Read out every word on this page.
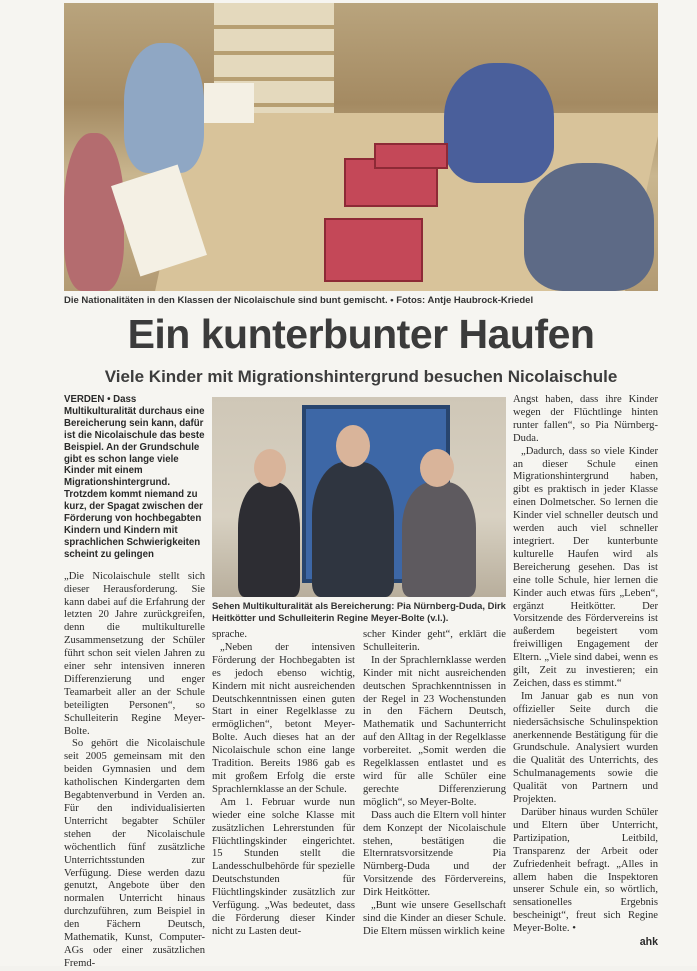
Die Nationalitäten in den Klassen der Nicolaischule sind bunt gemischt. • Fotos: Antje Haubrock-Kriedel
Ein kunterbunter Haufen
Viele Kinder mit Migrationshintergrund besuchen Nicolaischule

VERDEN • Dass Multikulturalität durchaus eine Bereicherung sein kann, dafür ist die Nicolaischule das beste Beispiel. An der Grundschule gibt es schon lange viele Kinder mit einem Migrationshintergrund. Trotzdem kommt niemand zu kurz, der Spagat zwischen der Förderung von hochbegabten Kindern und Kindern mit sprachlichen Schwierigkeiten scheint zu gelingen

„Die Nicolaischule stellt sich dieser Herausforderung. Sie kann dabei auf die Erfahrung der letzten 20 Jahre zurückgreifen, denn die multikulturelle Zusammensetzung der Schüler führt schon seit vielen Jahren zu einer sehr intensiven inneren Differenzierung und enger Teamarbeit aller an der Schule beteiligten Personen“, so Schulleiterin Regine Meyer-Bolte.

So gehört die Nicolaischule seit 2005 gemeinsam mit den beiden Gymnasien und dem katholischen Kindergarten dem Begabtenverbund in Verden an. Für den individualisierten Unterricht begabter Schüler stehen der Nicolaischule wöchentlich fünf zusätzliche Unterrichtsstunden zur Verfügung. Diese werden dazu genutzt, Angebote über den normalen Unterricht hinaus durchzuführen, zum Beispiel in den Fächern Deutsch, Mathematik, Kunst, Computer-AGs oder einer zusätzlichen Fremd-

Sehen Multikulturalität als Bereicherung: Pia Nürnberg-Duda, Dirk Heitkötter und Schulleiterin Regine Meyer-Bolte (v.l.).

sprache.

„Neben der intensiven Förderung der Hochbegabten ist es jedoch ebenso wichtig, Kindern mit nicht ausreichenden Deutschkenntnissen einen guten Start in einer Regelklasse zu ermöglichen“, betont Meyer-Bolte. Auch dieses hat an der Nicolaischule schon eine lange Tradition. Bereits 1986 gab es mit großem Erfolg die erste Sprachlernklasse an der Schule.

Am 1. Februar wurde nun wieder eine solche Klasse mit zusätzlichen Lehrerstunden für Flüchtlingskinder eingerichtet. 15 Stunden stellt die Landesschulbehörde für spezielle Deutschstunden für Flüchtlingskinder zusätzlich zur Verfügung. „Was bedeutet, dass die Förderung dieser Kinder nicht zu Lasten deut-

scher Kinder geht“, erklärt die Schulleiterin.

In der Sprachlernklasse werden Kinder mit nicht ausreichenden deutschen Sprachkenntnissen in der Regel in 23 Wochenstunden in den Fächern Deutsch, Mathematik und Sachunterricht auf den Alltag in der Regelklasse vorbereitet. „Somit werden die Regelklassen entlastet und es wird für alle Schüler eine gerechte Differenzierung möglich“, so Meyer-Bolte.

Dass auch die Eltern voll hinter dem Konzept der Nicolaischule stehen, bestätigen die Elternratsvorsitzende Pia Nürnberg-Duda und der Vorsitzende des Fördervereins, Dirk Heitkötter.

„Bunt wie unsere Gesellschaft sind die Kinder an dieser Schule. Die Eltern müssen wirklich keine

Angst haben, dass ihre Kinder wegen der Flüchtlinge hinten runter fallen“, so Pia Nürnberg-Duda.

„Dadurch, dass so viele Kinder an dieser Schule einen Migrationshintergrund haben, gibt es praktisch in jeder Klasse einen Dolmetscher. So lernen die Kinder viel schneller deutsch und werden auch viel schneller integriert. Der kunterbunte kulturelle Haufen wird als Bereicherung gesehen. Das ist eine tolle Schule, hier lernen die Kinder auch etwas fürs „Leben“, ergänzt Heitkötter. Der Vorsitzende des Fördervereins ist außerdem begeistert vom freiwilligen Engagement der Eltern. „Viele sind dabei, wenn es gilt, Zeit zu investieren; ein Zeichen, dass es stimmt.“

Im Januar gab es nun von offizieller Seite durch die niedersächsische Schulinspektion anerkennende Bestätigung für die Grundschule. Analysiert wurden die Qualität des Unterrichts, des Schulmanagements sowie die Qualität von Partnern und Projekten.

Darüber hinaus wurden Schüler und Eltern über Unterricht, Partizipation, Leitbild, Transparenz der Arbeit oder Zufriedenheit befragt. „Alles in allem haben die Inspektoren unserer Schule ein, so wörtlich, sensationelles Ergebnis bescheinigt“, freut sich Regine Meyer-Bolte. •

ahk
